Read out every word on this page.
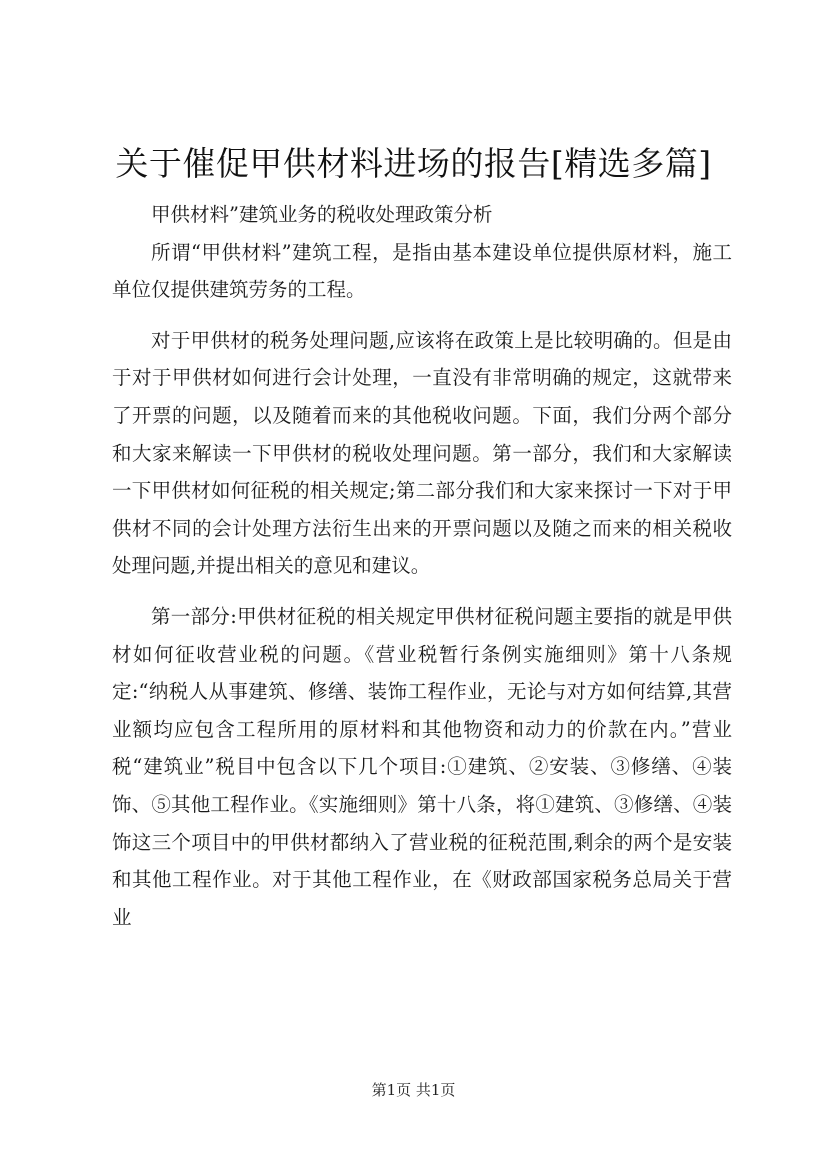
关于催促甲供材料进场的报告[精选多篇]

甲供材料”建筑业务的税收处理政策分析

所谓“甲供材料”建筑工程，是指由基本建设单位提供原材料，施工单位仅提供建筑劳务的工程。

对于甲供材的税务处理问题,应该将在政策上是比较明确的。但是由于对于甲供材如何进行会计处理，一直没有非常明确的规定，这就带来了开票的问题，以及随着而来的其他税收问题。下面，我们分两个部分和大家来解读一下甲供材的税收处理问题。第一部分，我们和大家解读一下甲供材如何征税的相关规定;第二部分我们和大家来探讨一下对于甲供材不同的会计处理方法衍生出来的开票问题以及随之而来的相关税收处理问题,并提出相关的意见和建议。

第一部分:甲供材征税的相关规定甲供材征税问题主要指的就是甲供材如何征收营业税的问题。《营业税暂行条例实施细则》第十八条规定:“纳税人从事建筑、修缮、装饰工程作业，无论与对方如何结算,其营业额均应包含工程所用的原材料和其他物资和动力的价款在内。”营业税“建筑业”税目中包含以下几个项目:①建筑、②安装、③修缮、④装饰、⑤其他工程作业。《实施细则》第十八条，将①建筑、③修缮、④装饰这三个项目中的甲供材都纳入了营业税的征税范围,剩余的两个是安装和其他工程作业。对于其他工程作业，在《财政部国家税务总局关于营业

第1页 共1页
